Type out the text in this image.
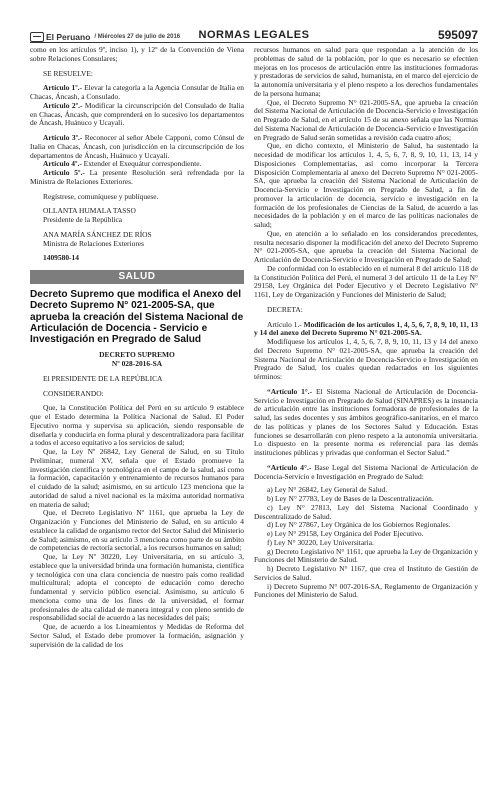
El Peruano / Miércoles 27 de julio de 2016	NORMAS LEGALES	595097

como en los artículos 9º, inciso 1), y 12º de la Convención de Viena sobre Relaciones Consulares;

SE RESUELVE:

Artículo 1º.- Elevar la categoría a la Agencia Consular de Italia en Chacas, Áncash, a Consulado.

Artículo 2º.- Modificar la circunscripción del Consulado de Italia en Chacas, Áncash, que comprenderá en lo sucesivo los departamentos de Áncash, Huánuco y Ucayali.

Artículo 3º.- Reconocer al señor Abele Capponi, como Cónsul de Italia en Chacas, Áncash, con jurisdicción en la circunscripción de los departamentos de Áncash, Huánuco y Ucayali.

Artículo 4º.- Extender el Exequátur correspondiente.

Artículo 5º.- La presente Resolución será refrendada por la Ministra de Relaciones Exteriores.

Regístrese, comuníquese y publíquese.

OLLANTA HUMALA TASSO

Presidente de la República

ANA MARÍA SÁNCHEZ DE RÍOS

Ministra de Relaciones Exteriores

1409580-14

SALUD
Decreto Supremo que modifica el Anexo del Decreto Supremo N° 021-2005-SA, que aprueba la creación del Sistema Nacional de Articulación de Docencia - Servicio e Investigación en Pregrado de Salud

DECRETO SUPREMO

Nº 028-2016-SA

El PRESIDENTE DE LA REPÚBLICA

CONSIDERANDO:

Que, la Constitución Política del Perú en su artículo 9 establece que el Estado determina la Política Nacional de Salud. El Poder Ejecutivo norma y supervisa su aplicación, siendo responsable de diseñarla y conducirla en forma plural y descentralizadora para facilitar a todos el acceso equitativo a los servicios de salud;

Que, la Ley Nº 26842, Ley General de Salud, en su Título Preliminar, numeral XV, señala que el Estado promueve la investigación científica y tecnológica en el campo de la salud, así como la formación, capacitación y entrenamiento de recursos humanos para el cuidado de la salud; asimismo, en su artículo 123 menciona que la autoridad de salud a nivel nacional es la máxima autoridad normativa en materia de salud;

Que, el Decreto Legislativo Nº 1161, que aprueba la Ley de Organización y Funciones del Ministerio de Salud, en su artículo 4 establece la calidad de organismo rector del Sector Salud del Ministerio de Salud; asimismo, en su artículo 3 menciona como parte de su ámbito de competencias de rectoría sectorial, a los recursos humanos en salud;

Que, la Ley Nº 30220, Ley Universitaria, en su artículo 3, establece que la universidad brinda una formación humanista, científica y tecnológica con una clara conciencia de nuestro país como realidad multicultural; adopta el concepto de educación como derecho fundamental y servicio público esencial. Asimismo, su artículo 6 menciona como una de los fines de la universidad, el formar profesionales de alta calidad de manera integral y con pleno sentido de responsabilidad social de acuerdo a las necesidades del país;

Que, de acuerdo a los Lineamientos y Medidas de Reforma del Sector Salud, el Estado debe promover la formación, asignación y supervisión de la calidad de los

recursos humanos en salud para que respondan a la atención de los problemas de salud de la población, por lo que es necesario se efectúen mejoras en los procesos de articulación entre las instituciones formadoras y prestadoras de servicios de salud, humanista, en el marco del ejercicio de la autonomía universitaria y el pleno respeto a los derechos fundamentales de la persona humana;

Que, el Decreto Supremo N° 021-2005-SA, que aprueba la creación del Sistema Nacional de Articulación de Docencia-Servicio e Investigación en Pregrado de Salud, en el artículo 15 de su anexo señala que las Normas del Sistema Nacional de Articulación de Docencia-Servicio e Investigación en Pregrado de Salud serán sometidas a revisión cada cuatro años;

Que, en dicho contexto, el Ministerio de Salud, ha sustentado la necesidad de modificar los artículos 1, 4, 5, 6, 7, 8, 9, 10, 11, 13, 14 y Disposiciones Complementarias, así como incorporar la Tercera Disposición Complementaria al anexo del Decreto Supremo N° 021-2005-SA, que aprueba la creación del Sistema Nacional de Articulación de Docencia-Servicio e Investigación en Pregrado de Salud, a fin de promover la articulación de docencia, servicio e investigación en la formación de los profesionales de Ciencias de la Salud, de acuerdo a las necesidades de la población y en el marco de las políticas nacionales de salud;

Que, en atención a lo señalado en los considerandos precedentes, resulta necesario disponer la modificación del anexo del Decreto Supremo N° 021-2005-SA, que aprueba la creación del Sistema Nacional de Articulación de Docencia-Servicio e Investigación en Pregrado de Salud;

De conformidad con lo establecido en el numeral 8 del artículo 118 de la Constitución Política del Perú, el numeral 3 del artículo 11 de la Ley N° 29158, Ley Orgánica del Poder Ejecutivo y el Decreto Legislativo N° 1161, Ley de Organización y Funciones del Ministerio de Salud;

DECRETA:

Artículo 1.- Modificación de los artículos 1, 4, 5, 6, 7, 8, 9, 10, 11, 13 y 14 del anexo del Decreto Supremo N° 021-2005-SA.

Modifíquese los artículos 1, 4, 5, 6, 7, 8, 9, 10, 11, 13 y 14 del anexo del Decreto Supremo N° 021-2005-SA, que aprueba la creación del Sistema Nacional de Articulación de Docencia-Servicio e Investigación en Pregrado de Salud, los cuales quedan redactados en los siguientes términos:

“Artículo 1°.- El Sistema Nacional de Articulación de Docencia-Servicio e Investigación en Pregrado de Salud (SINAPRES) es la instancia de articulación entre las instituciones formadoras de profesionales de la salud, las sedes docentes y sus ámbitos geográfico-sanitarios, en el marco de las políticas y planes de los Sectores Salud y Educación. Estas funciones se desarrollarán con pleno respeto a la autonomía universitaria. Lo dispuesto en la presente norma es referencial para las demás instituciones públicas y privadas que conforman el Sector Salud.”

“Artículo 4°.- Base Legal del Sistema Nacional de Articulación de Docencia-Servicio e Investigación en Pregrado de Salud:

a) Ley N° 26842, Ley General de Salud.

b) Ley N° 27783, Ley de Bases de la Descentralización.

c) Ley N° 27813, Ley del Sistema Nacional Coordinado y Descentralizado de Salud.

d) Ley N° 27867, Ley Orgánica de los Gobiernos Regionales.

e) Ley N° 29158, Ley Orgánica del Poder Ejecutivo.

f) Ley N° 30220, Ley Universitaria.

g) Decreto Legislativo N° 1161, que aprueba la Ley de Organización y Funciones del Ministerio de Salud.

h) Decreto Legislativo N° 1167, que crea el Instituto de Gestión de Servicios de Salud.

i) Decreto Supremo N° 007-2016-SA, Reglamento de Organización y Funciones del Ministerio de Salud.
